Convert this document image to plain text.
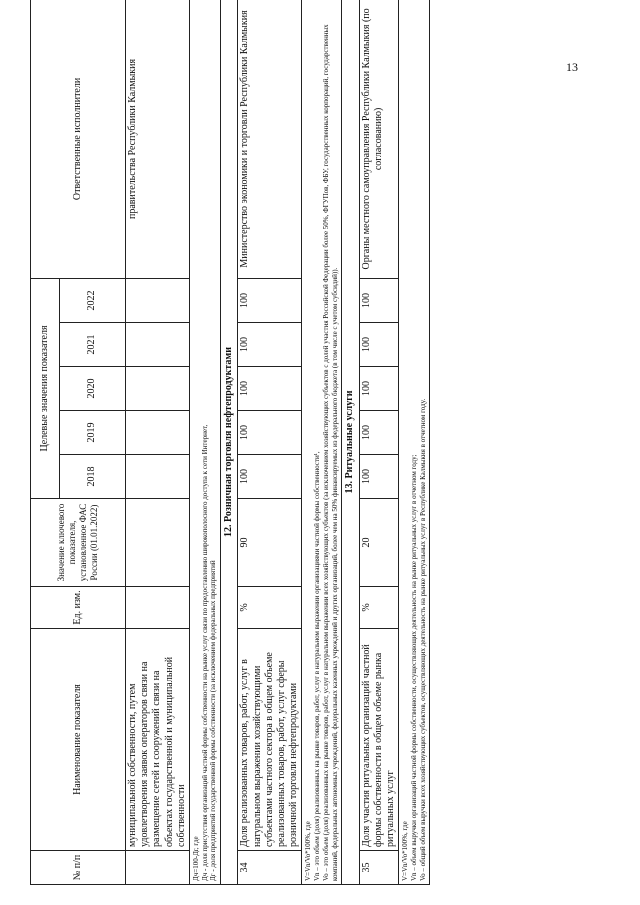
13
№ п/п	Наименование показателя	Ед. изм.	Значение ключевого показателя, установленное ФАС России (01.01.2022)	Целевые значения показателя					Ответственные исполнители
				2018	2019	2020	2021	2022	
	муниципальной собственности, путем удовлетворения заявок операторов связи на размещение сетей и сооружений связи на объектах государственной и муниципальной собственности								правительства Республики Калмыкия

Дч=100-Дг, где Дч - доля присутствия организаций частной формы собственности на рынке услуг связи по предоставлению широкополосного доступа к сети Интернет, Дг - доля предприятий государственной формы собственности (за исключением федеральных предприятий									

12. Розничная торговля нефтепродуктами									
34	Доля реализованных товаров, работ, услуг в натуральном выражении хозяйствующими субъектами частного сектора в общем объеме реализованных товаров, работ, услуг сферы розничной торговли нефтепродуктами	%	90	100	100	100	100	100	Министерство экономики и торговли Республики Калмыкия

V=Vn/Vo*100%, где Vn – это объем (доля) реализованных на рынке товаров, работ, услуг в натуральном выражении организациями частной формы собственности¹, Vo – это объем (доля) реализованных на рынке товаров, работ, услуг в натуральном выражении всех хозяйствующих субъектов (за исключением хозяйствующих субъектов с долей участия Российской Федерации более 50%, ФГУПов, ФБУ, государственных корпораций, государственных компаний, федеральных автономных учреждений, федеральных казенных учреждений и других организаций, более чем на 50% финансируемых из федерального бюджета (в том числе с учетом субсидий)).									

13. Ритуальные услуги									
35	Доля участия ритуальных организаций частной формы собственности в общем объеме рынка ритуальных услуг	%	20	100	100	100	100	100	Органы местного самоуправления Республики Калмыкия (по согласованию)

V=Vn/Vo*100%, где Vn – объем выручки организаций частной формы собственности, осуществляющих деятельность на рынке ритуальных услуг в отчетном году; Vo – общий объем выручки всех хозяйствующих субъектов, осуществляющих деятельность на рынке ритуальных услуг в Республике Калмыкия в отчетном году.									
